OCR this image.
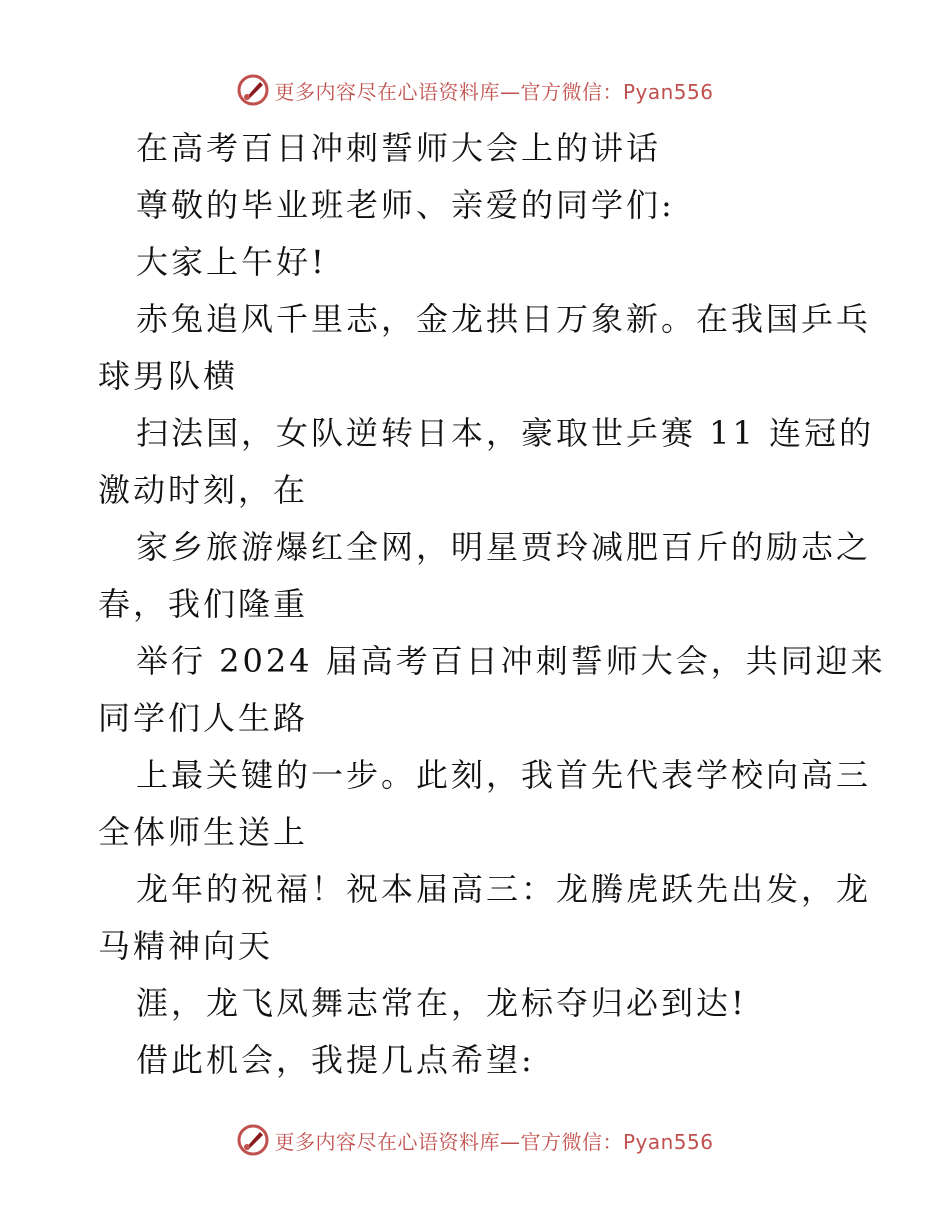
更多内容尽在心语资料库—官方微信：Pyan556

在高考百日冲刺誓师大会上的讲话

尊敬的毕业班老师、亲爱的同学们:

大家上午好!

赤兔追风千里志，金龙拱日万象新。在我国乒乓

球男队横

扫法国，女队逆转日本，豪取世乒赛 11 连冠的

激动时刻，在

家乡旅游爆红全网，明星贾玲减肥百斤的励志之

春，我们隆重

举行 2024 届高考百日冲刺誓师大会，共同迎来

同学们人生路

上最关键的一步。此刻，我首先代表学校向高三

全体师生送上

龙年的祝福！祝本届高三：龙腾虎跃先出发，龙

马精神向天

涯，龙飞凤舞志常在，龙标夺归必到达!

借此机会，我提几点希望:

更多内容尽在心语资料库—官方微信：Pyan556
